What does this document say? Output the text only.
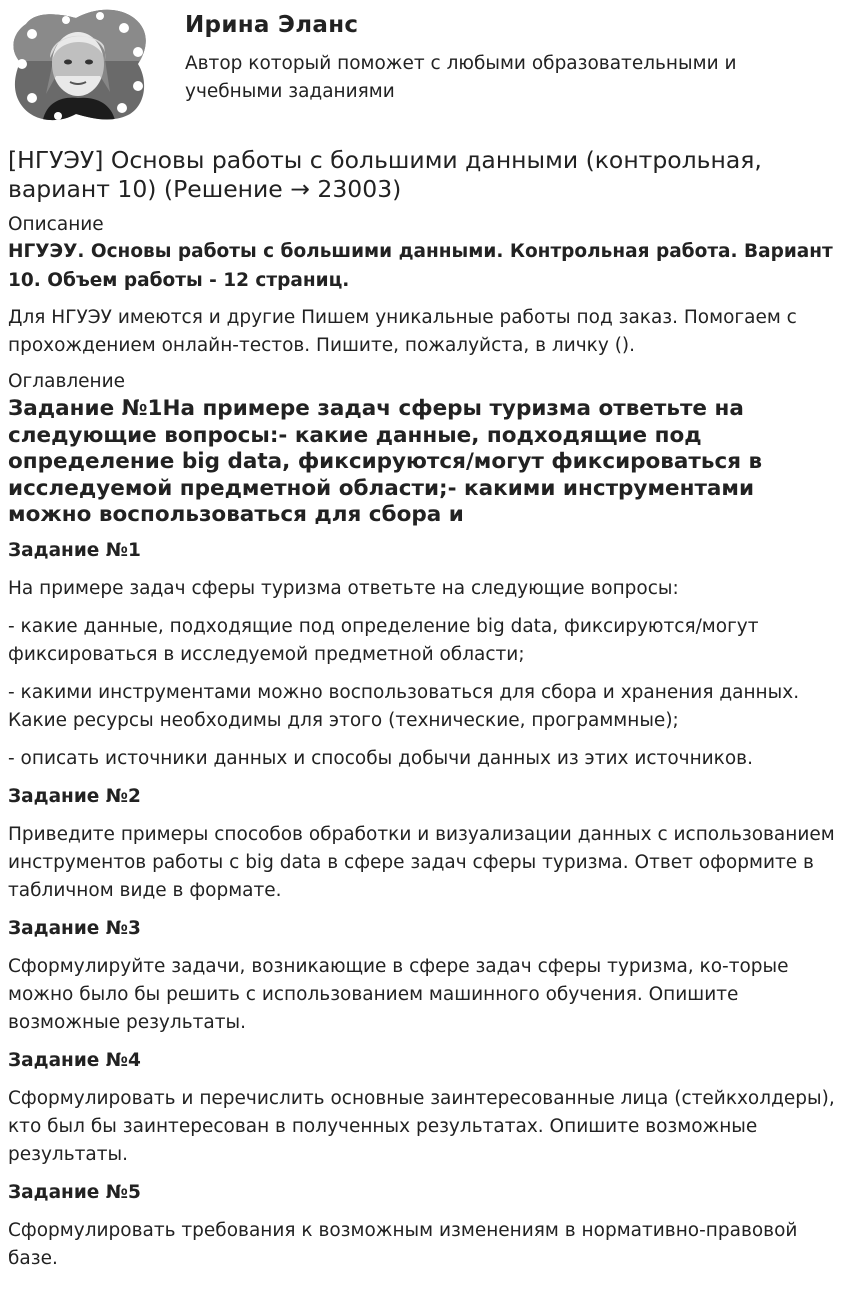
Ирина Эланс
Автор который поможет с любыми образовательными и учебными заданиями
[НГУЭУ] Основы работы с большими данными (контрольная, вариант 10) (Решение → 23003)

Описание

НГУЭУ. Основы работы с большими данными. Контрольная работа. Вариант 10. Объем работы - 12 страниц.

Для НГУЭУ имеются и другие Пишем уникальные работы под заказ. Помогаем с прохождением онлайн-тестов. Пишите, пожалуйста, в личку ().

Оглавление

Задание №1На примере задач сферы туризма ответьте на следующие вопросы:- какие данные, подходящие под определение big data, фиксируются/могут фиксироваться в исследуемой предметной области;- какими инструментами можно воспользоваться для сбора и

Задание №1

На примере задач сферы туризма ответьте на следующие вопросы:

- какие данные, подходящие под определение big data, фиксируются/могут фиксироваться в исследуемой предметной области;

- какими инструментами можно воспользоваться для сбора и хранения данных. Какие ресурсы необходимы для этого (технические, программные);

- описать источники данных и способы добычи данных из этих источников.

Задание №2

Приведите примеры способов обработки и визуализации данных с использованием инструментов работы с big data в сфере задач сферы туризма. Ответ оформите в табличном виде в формате.

Задание №3

Сформулируйте задачи, возникающие в сфере задач сферы туризма, ко-торые можно было бы решить с использованием машинного обучения. Опишите возможные результаты.

Задание №4

Сформулировать и перечислить основные заинтересованные лица (стейкхолдеры), кто был бы заинтересован в полученных результатах. Опишите возможные результаты.

Задание №5

Сформулировать требования к возможным изменениям в нормативно-правовой базе.
